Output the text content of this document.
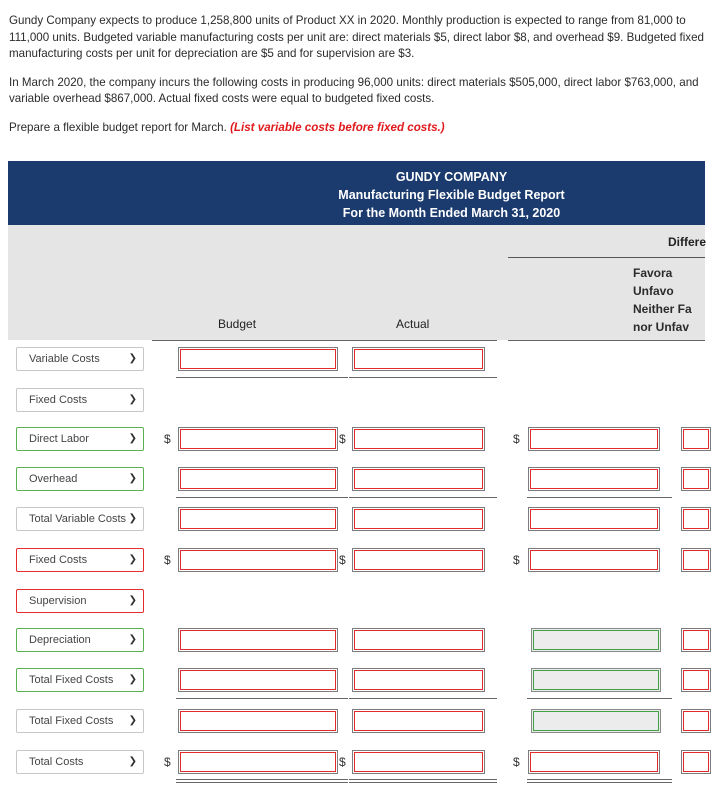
Gundy Company expects to produce 1,258,800 units of Product XX in 2020. Monthly production is expected to range from 81,000 to 111,000 units. Budgeted variable manufacturing costs per unit are: direct materials $5, direct labor $8, and overhead $9. Budgeted fixed manufacturing costs per unit for depreciation are $5 and for supervision are $3.

In March 2020, the company incurs the following costs in producing 96,000 units: direct materials $505,000, direct labor $763,000, and variable overhead $867,000. Actual fixed costs were equal to budgeted fixed costs.

Prepare a flexible budget report for March. (List variable costs before fixed costs.)

GUNDY COMPANY
Manufacturing Flexible Budget Report
For the Month Ended March 31, 2020
Differe
Favora
Unfavo
Neither Fa
nor Unfav
Budget	Actual
Variable Costs	❯
Fixed Costs	❯
Direct Labor	❯ $	$	$
Overhead	❯
Total Variable Costs ❯
Fixed Costs	❯ $	$	$
Supervision	❯
Depreciation	❯
Total Fixed Costs ❯
Total Fixed Costs ❯
Total Costs	❯ $	$	$
